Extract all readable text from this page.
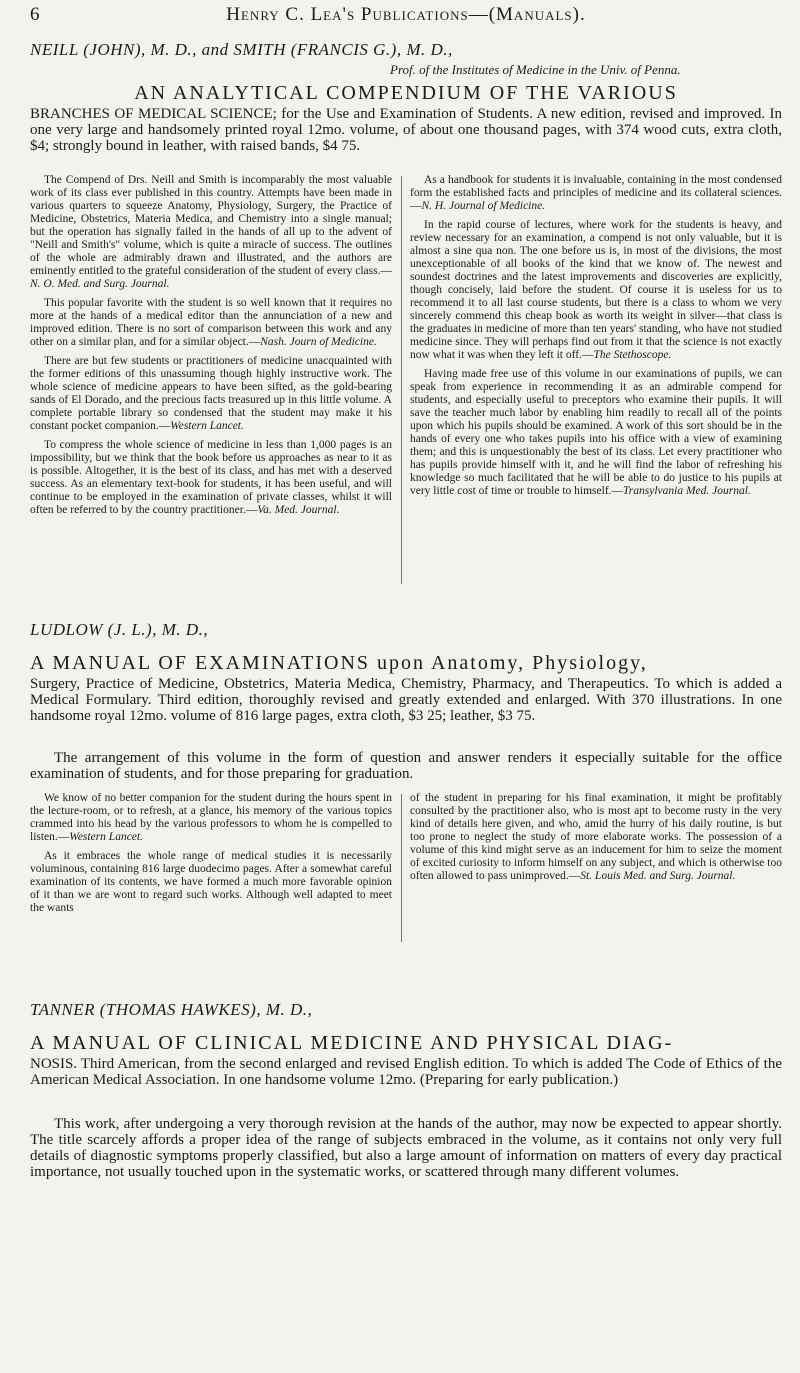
6	Henry C. Lea's Publications—(Manuals).
NEILL (JOHN), M. D., and SMITH (FRANCIS G.), M. D.,
Prof. of the Institutes of Medicine in the Univ. of Penna.
AN ANALYTICAL COMPENDIUM OF THE VARIOUS
BRANCHES OF MEDICAL SCIENCE; for the Use and Examination of Students. A new edition, revised and improved. In one very large and handsomely printed royal 12mo. volume, of about one thousand pages, with 374 wood cuts, extra cloth, $4; strongly bound in leather, with raised bands, $4 75.

The Compend of Drs. Neill and Smith is incomparably the most valuable work of its class ever published in this country. Attempts have been made in various quarters to squeeze Anatomy, Physiology, Surgery, the Practice of Medicine, Obstetrics, Materia Medica, and Chemistry into a single manual; but the operation has signally failed in the hands of all up to the advent of "Neill and Smith's" volume, which is quite a miracle of success. The outlines of the whole are admirably drawn and illustrated, and the authors are eminently entitled to the grateful consideration of the student of every class.—N. O. Med. and Surg. Journal.

This popular favorite with the student is so well known that it requires no more at the hands of a medical editor than the annunciation of a new and improved edition. There is no sort of comparison between this work and any other on a similar plan, and for a similar object.—Nash. Journ of Medicine.

There are but few students or practitioners of medicine unacquainted with the former editions of this unassuming though highly instructive work. The whole science of medicine appears to have been sifted, as the gold-bearing sands of El Dorado, and the precious facts treasured up in this little volume. A complete portable library so condensed that the student may make it his constant pocket companion.—Western Lancet.

To compress the whole science of medicine in less than 1,000 pages is an impossibility, but we think that the book before us approaches as near to it as is possible. Altogether, it is the best of its class, and has met with a deserved success. As an elementary text-book for students, it has been useful, and will continue to be employed in the examination of private classes, whilst it will often be referred to by the country practitioner.—Va. Med. Journal.

As a handbook for students it is invaluable, containing in the most condensed form the established facts and principles of medicine and its collateral sciences.—N. H. Journal of Medicine.

In the rapid course of lectures, where work for the students is heavy, and review necessary for an examination, a compend is not only valuable, but it is almost a sine qua non. The one before us is, in most of the divisions, the most unexceptionable of all books of the kind that we know of. The newest and soundest doctrines and the latest improvements and discoveries are explicitly, though concisely, laid before the student. Of course it is useless for us to recommend it to all last course students, but there is a class to whom we very sincerely commend this cheap book as worth its weight in silver—that class is the graduates in medicine of more than ten years' standing, who have not studied medicine since. They will perhaps find out from it that the science is not exactly now what it was when they left it off.—The Stethoscope.

Having made free use of this volume in our examinations of pupils, we can speak from experience in recommending it as an admirable compend for students, and especially useful to preceptors who examine their pupils. It will save the teacher much labor by enabling him readily to recall all of the points upon which his pupils should be examined. A work of this sort should be in the hands of every one who takes pupils into his office with a view of examining them; and this is unquestionably the best of its class. Let every practitioner who has pupils provide himself with it, and he will find the labor of refreshing his knowledge so much facilitated that he will be able to do justice to his pupils at very little cost of time or trouble to himself.—Transylvania Med. Journal.

LUDLOW (J. L.), M. D.,
A MANUAL OF EXAMINATIONS upon Anatomy, Physiology,
Surgery, Practice of Medicine, Obstetrics, Materia Medica, Chemistry, Pharmacy, and Therapeutics. To which is added a Medical Formulary. Third edition, thoroughly revised and greatly extended and enlarged. With 370 illustrations. In one handsome royal 12mo. volume of 816 large pages, extra cloth, $3 25; leather, $3 75.
The arrangement of this volume in the form of question and answer renders it especially suitable for the office examination of students, and for those preparing for graduation.

We know of no better companion for the student during the hours spent in the lecture-room, or to refresh, at a glance, his memory of the various topics crammed into his head by the various professors to whom he is compelled to listen.—Western Lancet.

As it embraces the whole range of medical studies it is necessarily voluminous, containing 816 large duodecimo pages. After a somewhat careful examination of its contents, we have formed a much more favorable opinion of it than we are wont to regard such works. Although well adapted to meet the wants

of the student in preparing for his final examination, it might be profitably consulted by the practitioner also, who is most apt to become rusty in the very kind of details here given, and who, amid the hurry of his daily routine, is but too prone to neglect the study of more elaborate works. The possession of a volume of this kind might serve as an inducement for him to seize the moment of excited curiosity to inform himself on any subject, and which is otherwise too often allowed to pass unimproved.—St. Louis Med. and Surg. Journal.

TANNER (THOMAS HAWKES), M. D.,
A MANUAL OF CLINICAL MEDICINE AND PHYSICAL DIAG-
NOSIS. Third American, from the second enlarged and revised English edition. To which is added The Code of Ethics of the American Medical Association. In one handsome volume 12mo. (Preparing for early publication.)
This work, after undergoing a very thorough revision at the hands of the author, may now be expected to appear shortly. The title scarcely affords a proper idea of the range of subjects embraced in the volume, as it contains not only very full details of diagnostic symptoms properly classified, but also a large amount of information on matters of every day practical importance, not usually touched upon in the systematic works, or scattered through many different volumes.
